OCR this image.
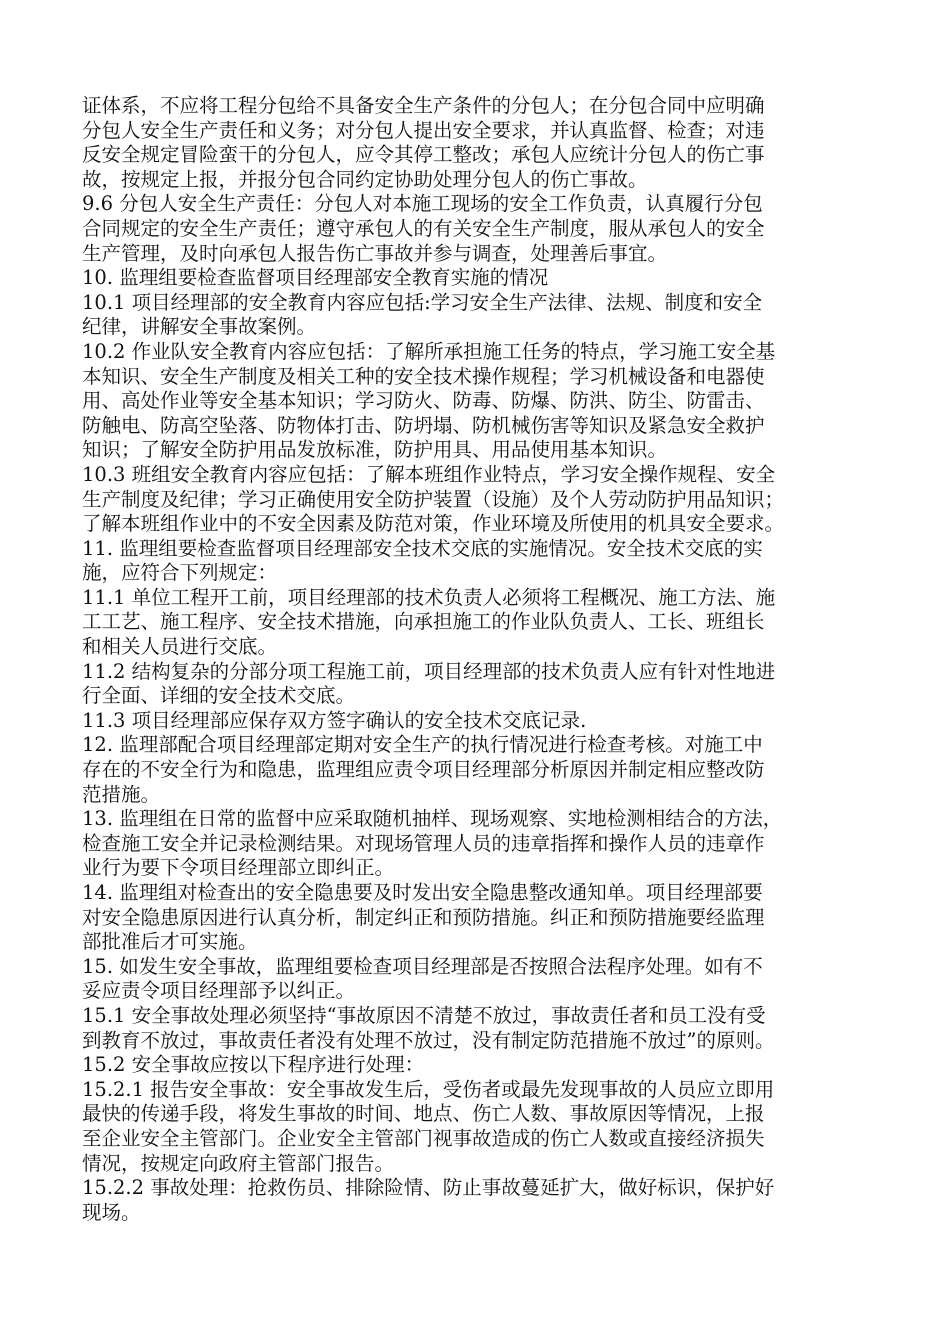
证体系，不应将工程分包给不具备安全生产条件的分包人；在分包合同中应明确
分包人安全生产责任和义务；对分包人提出安全要求，并认真监督、检查；对违
反安全规定冒险蛮干的分包人，应令其停工整改；承包人应统计分包人的伤亡事
故，按规定上报，并报分包合同约定协助处理分包人的伤亡事故。
9.6 分包人安全生产责任：分包人对本施工现场的安全工作负责，认真履行分包
合同规定的安全生产责任；遵守承包人的有关安全生产制度，服从承包人的安全
生产管理，及时向承包人报告伤亡事故并参与调查，处理善后事宜。
10. 监理组要检查监督项目经理部安全教育实施的情况
10.1 项目经理部的安全教育内容应包括:学习安全生产法律、法规、制度和安全
纪律，讲解安全事故案例。
10.2 作业队安全教育内容应包括：了解所承担施工任务的特点，学习施工安全基
本知识、安全生产制度及相关工种的安全技术操作规程；学习机械设备和电器使
用、高处作业等安全基本知识；学习防火、防毒、防爆、防洪、防尘、防雷击、
防触电、防高空坠落、防物体打击、防坍塌、防机械伤害等知识及紧急安全救护
知识；了解安全防护用品发放标准，防护用具、用品使用基本知识。
10.3 班组安全教育内容应包括：了解本班组作业特点，学习安全操作规程、安全
生产制度及纪律；学习正确使用安全防护装置（设施）及个人劳动防护用品知识；
了解本班组作业中的不安全因素及防范对策，作业环境及所使用的机具安全要求。
11. 监理组要检查监督项目经理部安全技术交底的实施情况。安全技术交底的实
施，应符合下列规定：
11.1 单位工程开工前，项目经理部的技术负责人必须将工程概况、施工方法、施
工工艺、施工程序、安全技术措施，向承担施工的作业队负责人、工长、班组长
和相关人员进行交底。
11.2 结构复杂的分部分项工程施工前，项目经理部的技术负责人应有针对性地进
行全面、详细的安全技术交底。
11.3 项目经理部应保存双方签字确认的安全技术交底记录.
12. 监理部配合项目经理部定期对安全生产的执行情况进行检查考核。对施工中
存在的不安全行为和隐患，监理组应责令项目经理部分析原因并制定相应整改防
范措施。
13. 监理组在日常的监督中应采取随机抽样、现场观察、实地检测相结合的方法，
检查施工安全并记录检测结果。对现场管理人员的违章指挥和操作人员的违章作
业行为要下令项目经理部立即纠正。
14. 监理组对检查出的安全隐患要及时发出安全隐患整改通知单。项目经理部要
对安全隐患原因进行认真分析，制定纠正和预防措施。纠正和预防措施要经监理
部批准后才可实施。
15. 如发生安全事故，监理组要检查项目经理部是否按照合法程序处理。如有不
妥应责令项目经理部予以纠正。
15.1 安全事故处理必须坚持“事故原因不清楚不放过，事故责任者和员工没有受
到教育不放过，事故责任者没有处理不放过，没有制定防范措施不放过”的原则。
15.2 安全事故应按以下程序进行处理：
15.2.1 报告安全事故：安全事故发生后，受伤者或最先发现事故的人员应立即用
最快的传递手段，将发生事故的时间、地点、伤亡人数、事故原因等情况，上报
至企业安全主管部门。企业安全主管部门视事故造成的伤亡人数或直接经济损失
情况，按规定向政府主管部门报告。
15.2.2 事故处理：抢救伤员、排除险情、防止事故蔓延扩大，做好标识，保护好
现场。
